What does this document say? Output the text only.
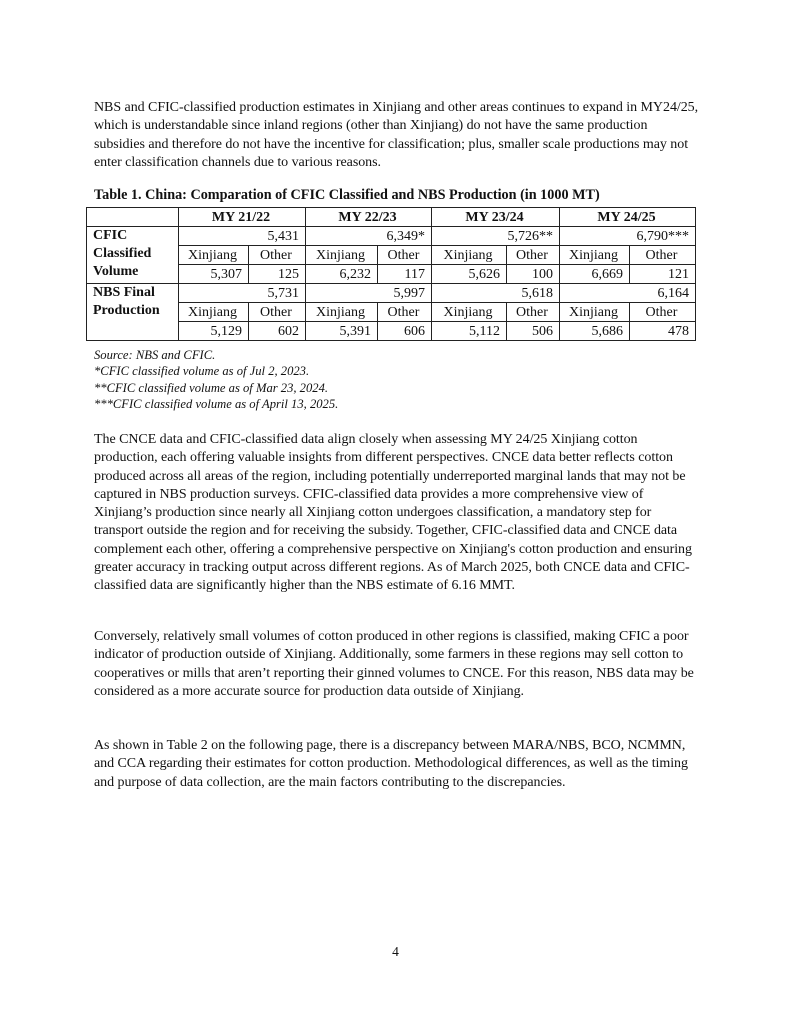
NBS and CFIC-classified production estimates in Xinjiang and other areas continues to expand in MY24/25, which is understandable since inland regions (other than Xinjiang) do not have the same production subsidies and therefore do not have the incentive for classification; plus, smaller scale productions may not enter classification channels due to various reasons.

Table 1. China: Comparation of CFIC Classified and NBS Production (in 1000 MT)
	MY 21/22		MY 22/23		MY 23/24		MY 24/25	

CFIC
Classified
Volume	5,431		6,349*		5,726**		6,790***	
	Xinjiang	Other	Xinjiang	Other	Xinjiang	Other	Xinjiang	Other
	5,307	125	6,232	117	5,626	100	6,669	121

NBS Final
Production	5,731		5,997		5,618		6,164	
	Xinjiang	Other	Xinjiang	Other	Xinjiang	Other	Xinjiang	Other
	5,129	602	5,391	606	5,112	506	5,686	478
Source: NBS and CFIC.
*CFIC classified volume as of Jul 2, 2023.
**CFIC classified volume as of Mar 23, 2024.
***CFIC classified volume as of April 13, 2025.

The CNCE data and CFIC-classified data align closely when assessing MY 24/25 Xinjiang cotton production, each offering valuable insights from different perspectives. CNCE data better reflects cotton produced across all areas of the region, including potentially underreported marginal lands that may not be captured in NBS production surveys. CFIC-classified data provides a more comprehensive view of Xinjiang’s production since nearly all Xinjiang cotton undergoes classification, a mandatory step for transport outside the region and for receiving the subsidy. Together, CFIC-classified data and CNCE data complement each other, offering a comprehensive perspective on Xinjiang's cotton production and ensuring greater accuracy in tracking output across different regions. As of March 2025, both CNCE data and CFIC-classified data are significantly higher than the NBS estimate of 6.16 MMT.

Conversely, relatively small volumes of cotton produced in other regions is classified, making CFIC a poor indicator of production outside of Xinjiang. Additionally, some farmers in these regions may sell cotton to cooperatives or mills that aren’t reporting their ginned volumes to CNCE. For this reason, NBS data may be considered as a more accurate source for production data outside of Xinjiang.

As shown in Table 2 on the following page, there is a discrepancy between MARA/NBS, BCO, NCMMN, and CCA regarding their estimates for cotton production. Methodological differences, as well as the timing and purpose of data collection, are the main factors contributing to the discrepancies.

4
